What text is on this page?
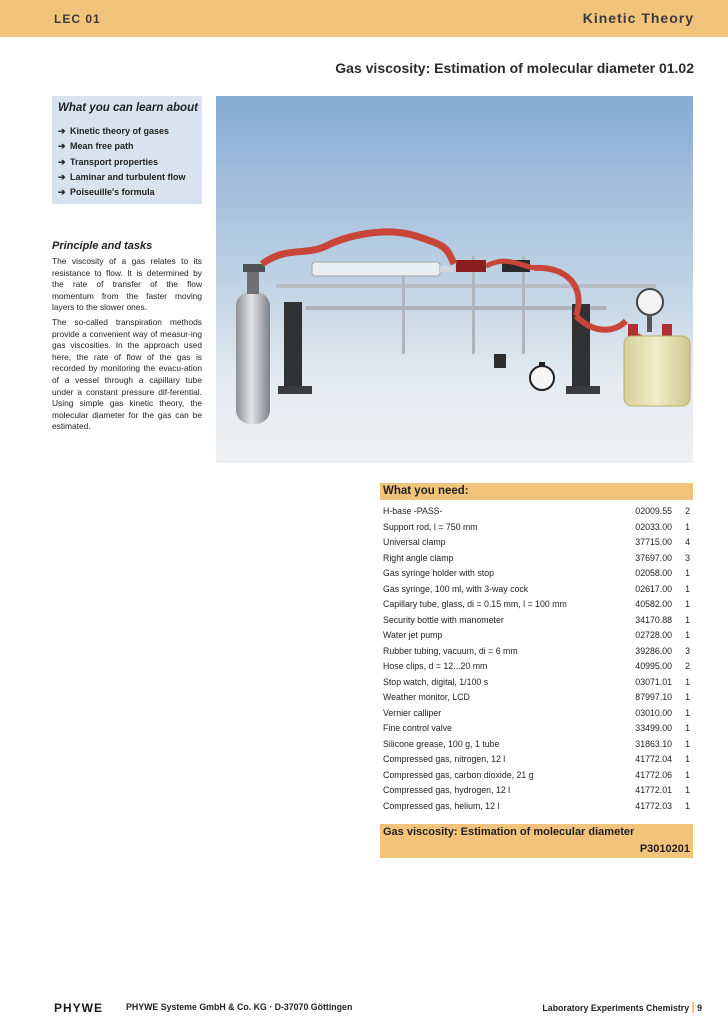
LEC 01	Kinetic Theory
Gas viscosity: Estimation of molecular diameter 01.02
What you can learn about
➔ Kinetic theory of gases
➔ Mean free path
➔ Transport properties
➔ Laminar and turbulent flow
➔ Poiseuille's formula
Principle and tasks

The viscosity of a gas relates to its resistance to flow. It is determined by the rate of transfer of the flow momentum from the faster moving layers to the slower ones.

The so-called transpiration methods provide a convenient way of measur-ing gas viscosities. In the approach used here, the rate of flow of the gas is recorded by monitoring the evacu-ation of a vessel through a capillary tube under a constant pressure dif-ferential. Using simple gas kinetic theory, the molecular diameter for the gas can be estimated.

What you need:
H-base -PASS-	02009.55 2
Support rod, l = 750 mm	02033.00 1
Universal clamp	37715.00 4
Right angle clamp	37697.00 3
Gas syringe holder with stop	02058.00 1
Gas syringe, 100 ml, with 3-way cock	02617.00 1
Capillary tube, glass, di = 0.15 mm, l = 100 mm	40582.00 1
Security bottle with manometer	34170.88 1
Water jet pump	02728.00 1
Rubber tubing, vacuum, di = 6 mm	39286.00 3
Hose clips, d = 12...20 mm	40995.00 2
Stop watch, digital, 1/100 s	03071.01 1
Weather monitor, LCD	87997.10 1
Vernier calliper	03010.00 1
Fine control valve	33499.00 1
Silicone grease, 100 g, 1 tube	31863.10 1
Compressed gas, nitrogen, 12 l	41772.04 1
Compressed gas, carbon dioxide, 21 g	41772.06 1
Compressed gas, hydrogen, 12 l	41772.01 1
Compressed gas, helium, 12 l	41772.03 1
Gas viscosity: Estimation of molecular diameter
P3010201
PHYWE	PHYWE Systeme GmbH & Co. KG · D-37070 Göttingen	Laboratory Experiments Chemistry 9
